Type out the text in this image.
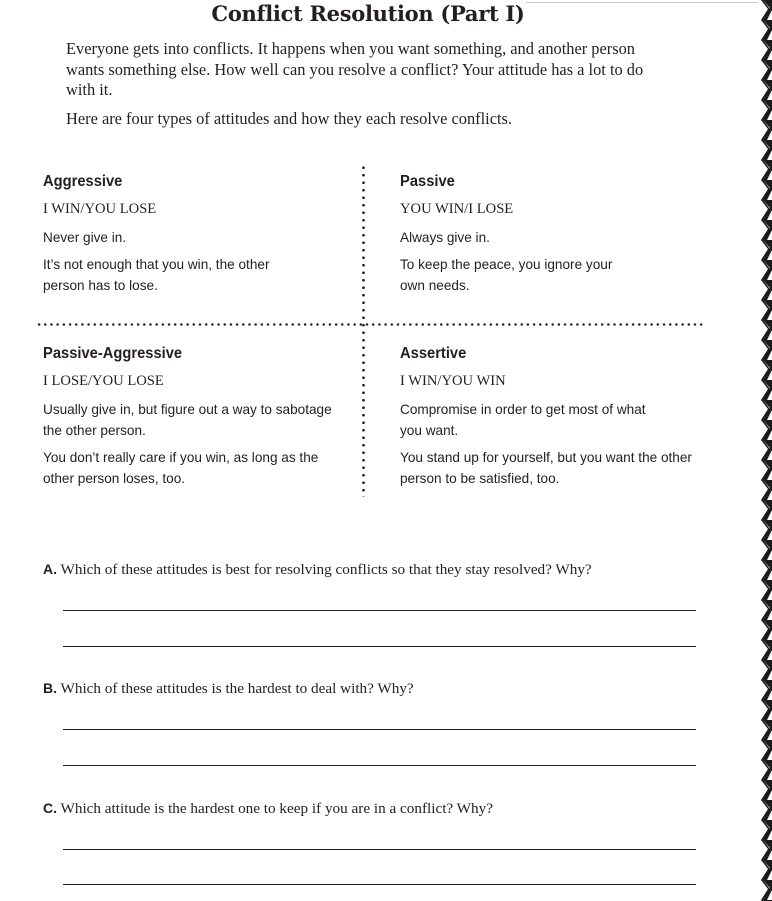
Conflict Resolution (Part I)

Everyone gets into conflicts. It happens when you want something, and another person wants something else. How well can you resolve a conflict? Your attitude has a lot to do with it.

Here are four types of attitudes and how they each resolve conflicts.

Aggressive
I WIN/YOU LOSE
Never give in.
It’s not enough that you win, the other person has to lose.
Passive
YOU WIN/I LOSE
Always give in.
To keep the peace, you ignore your own needs.
Passive-Aggressive
I LOSE/YOU LOSE
Usually give in, but figure out a way to sabotage the other person.
You don’t really care if you win, as long as the other person loses, too.
Assertive
I WIN/YOU WIN
Compromise in order to get most of what you want.
You stand up for yourself, but you want the other person to be satisfied, too.

A. Which of these attitudes is best for resolving conflicts so that they stay resolved? Why?

B. Which of these attitudes is the hardest to deal with? Why?

C. Which attitude is the hardest one to keep if you are in a conflict? Why?
